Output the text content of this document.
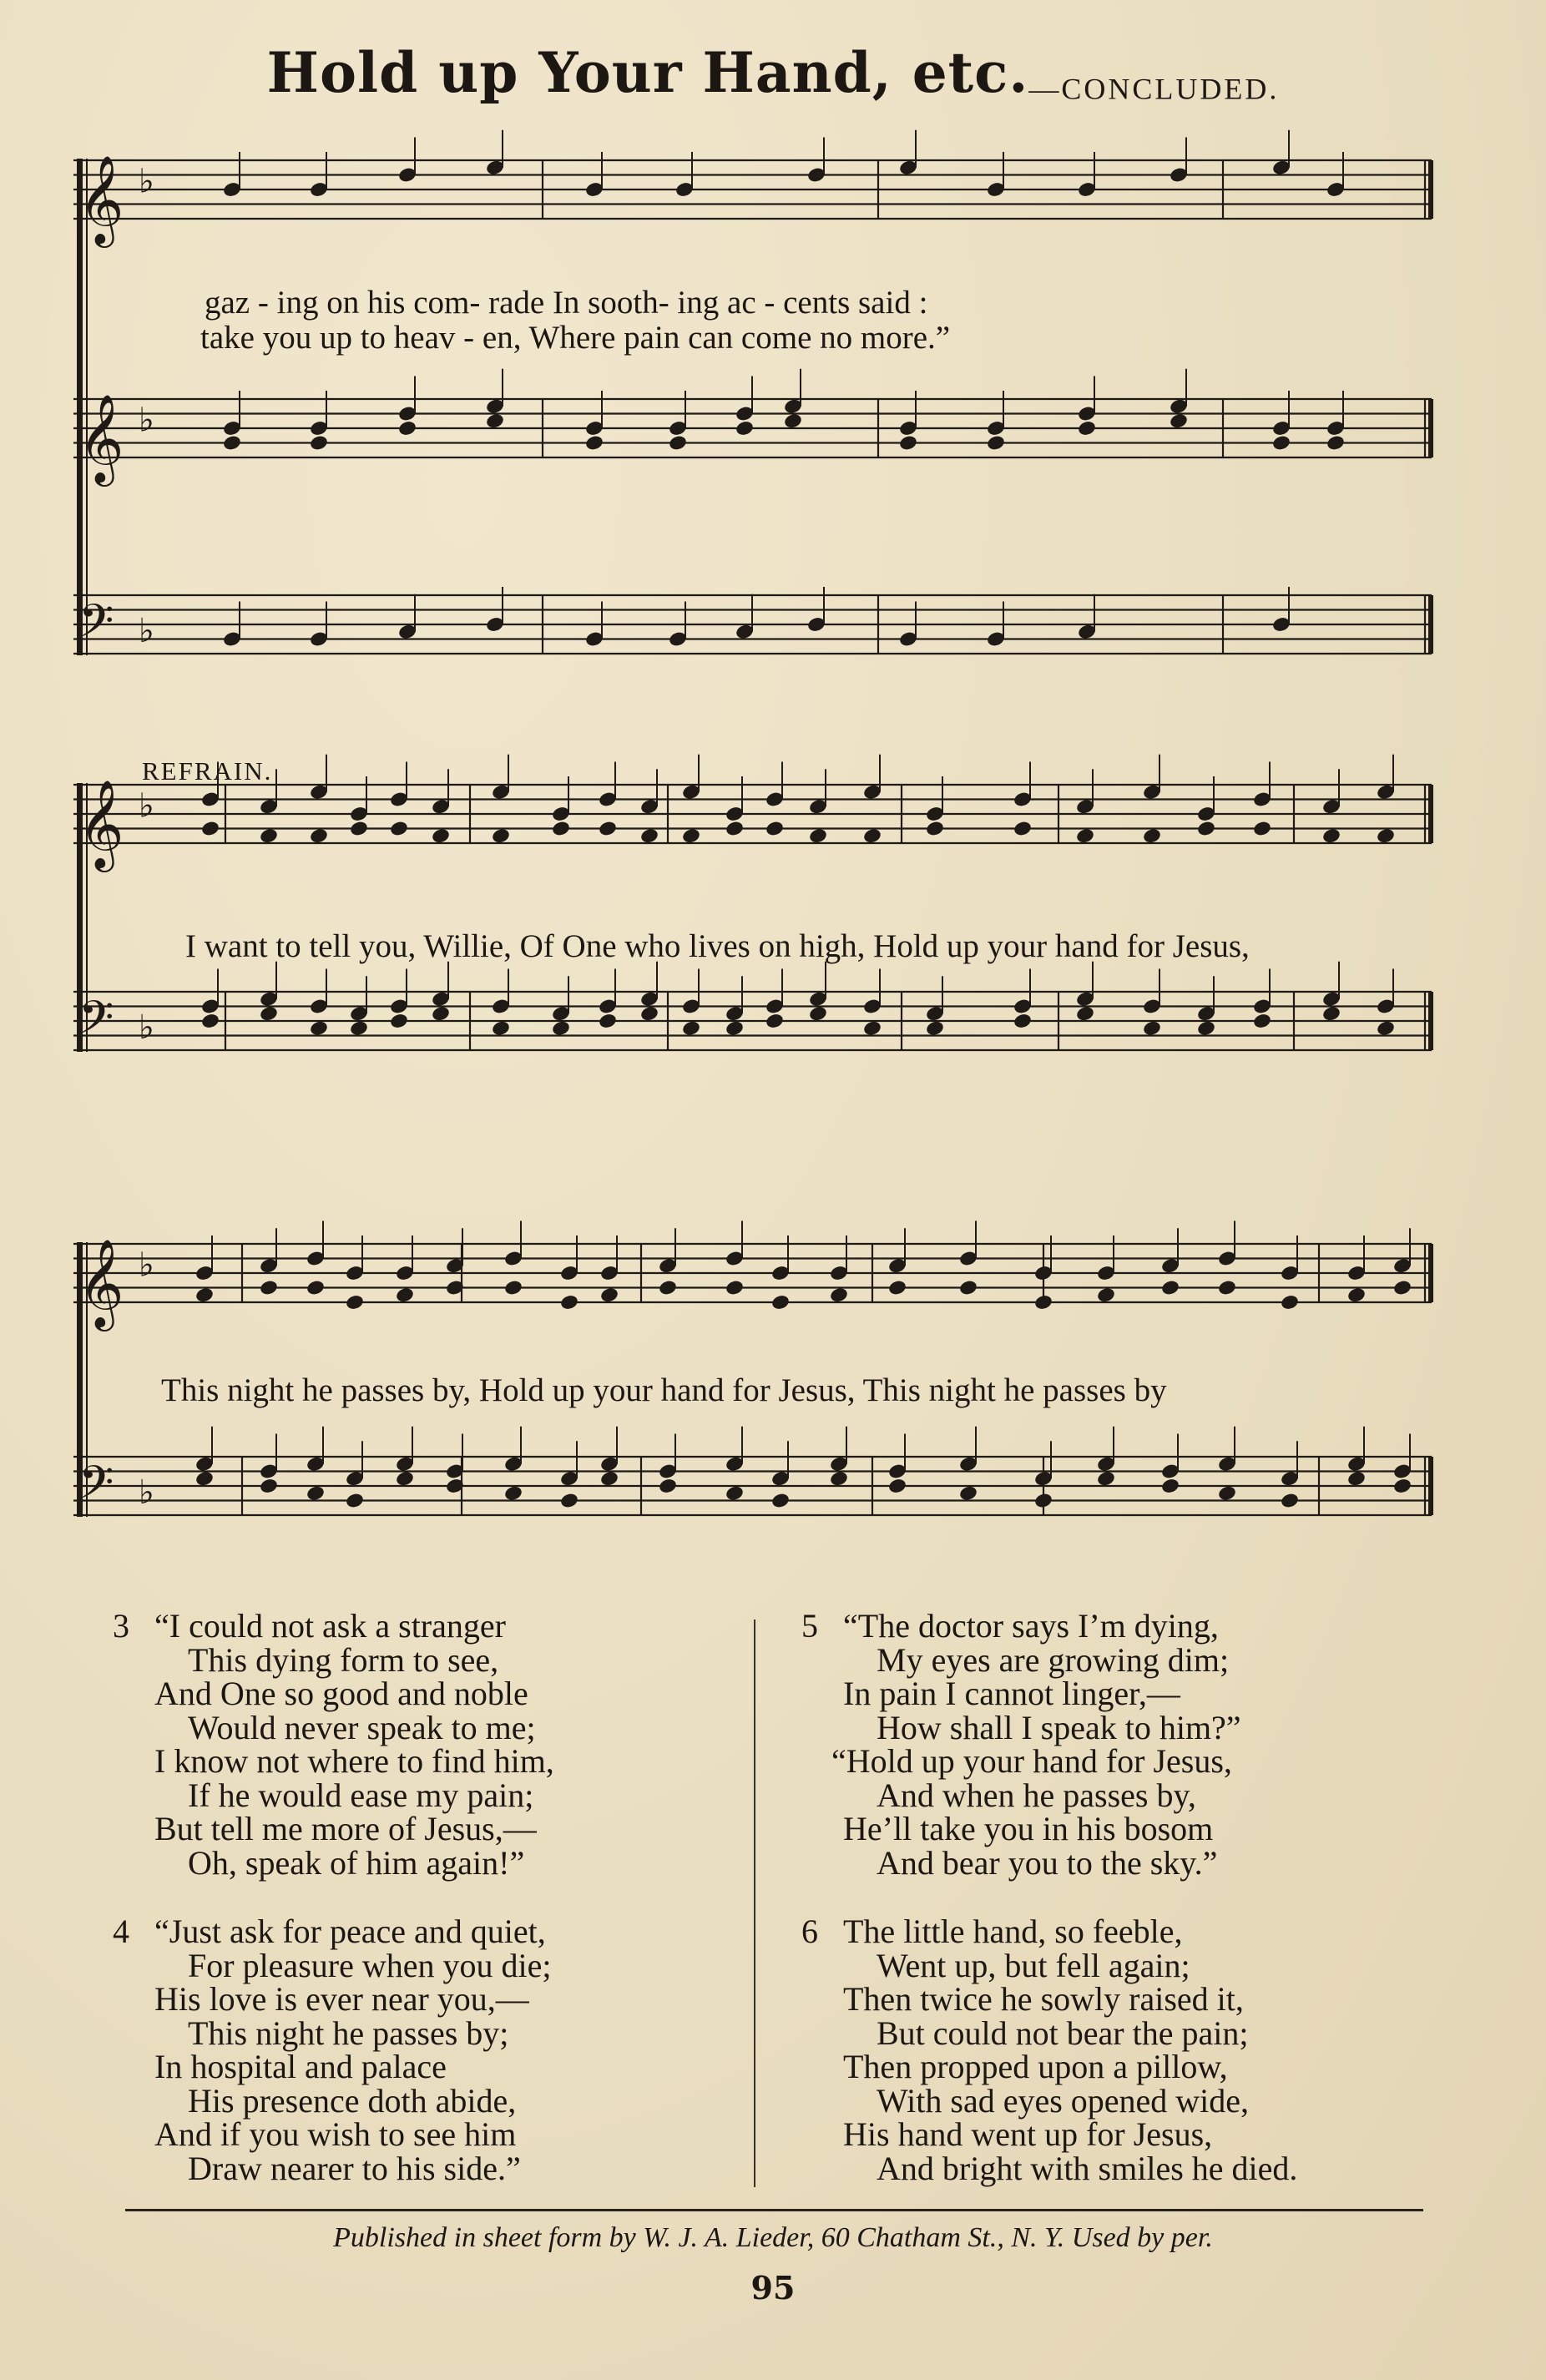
Hold up Your Hand, etc.—CONCLUDED.
𝄞 ♭
𝄞 ♭
𝄢 ♭
𝄞 ♭
𝄢 ♭
𝄞 ♭
𝄢 ♭
gaz - ing on his com- rade In sooth- ing ac - cents said :
take you up to heav - en, Where pain can come no more.”
REFRAIN.
I want to tell you, Willie, Of One who lives on high, Hold up your hand for Jesus,
This night he passes by, Hold up your hand for Jesus, This night he passes by
3 “I could not ask a stranger
This dying form to see,
And One so good and noble
Would never speak to me;
I know not where to find him,
If he would ease my pain;
But tell me more of Jesus,—
Oh, speak of him again!”
4 “Just ask for peace and quiet,
For pleasure when you die;
His love is ever near you,—
This night he passes by;
In hospital and palace
His presence doth abide,
And if you wish to see him
Draw nearer to his side.”
5 “The doctor says I’m dying,
My eyes are growing dim;
In pain I cannot linger,—
How shall I speak to him?”
“Hold up your hand for Jesus,
And when he passes by,
He’ll take you in his bosom
And bear you to the sky.”
6 The little hand, so feeble,
Went up, but fell again;
Then twice he sowly raised it,
But could not bear the pain;
Then propped upon a pillow,
With sad eyes opened wide,
His hand went up for Jesus,
And bright with smiles he died.
Published in sheet form by W. J. A. Lieder, 60 Chatham St., N. Y. Used by per.
95
